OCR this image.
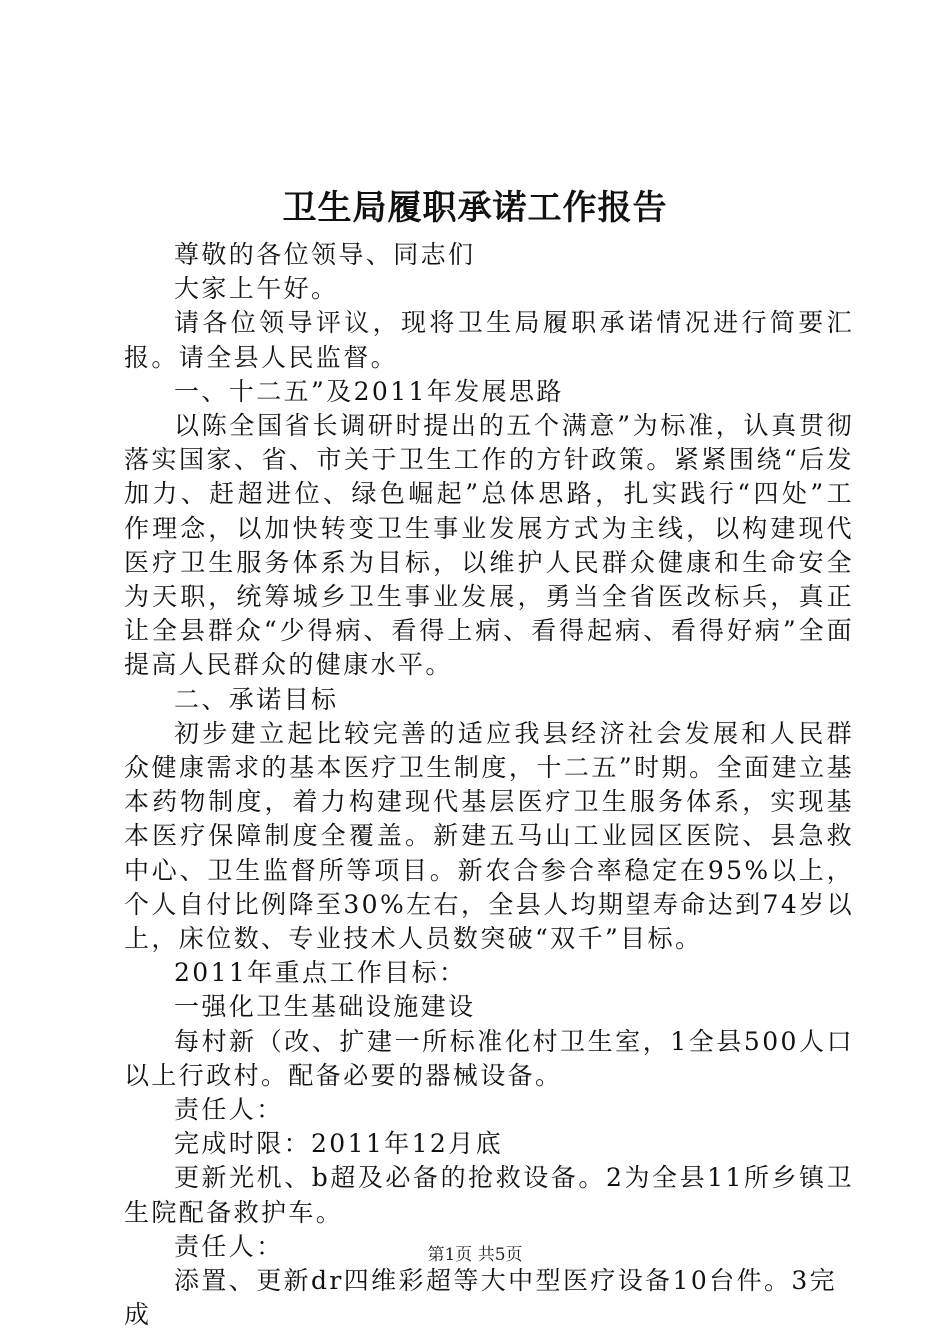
卫生局履职承诺工作报告

尊敬的各位领导、同志们

大家上午好。

请各位领导评议，现将卫生局履职承诺情况进行简要汇报。请全县人民监督。

一、十二五”及2011年发展思路

以陈全国省长调研时提出的五个满意”为标准，认真贯彻落实国家、省、市关于卫生工作的方针政策。紧紧围绕“后发加力、赶超进位、绿色崛起”总体思路，扎实践行“四处”工作理念，以加快转变卫生事业发展方式为主线，以构建现代医疗卫生服务体系为目标，以维护人民群众健康和生命安全为天职，统筹城乡卫生事业发展，勇当全省医改标兵，真正让全县群众“少得病、看得上病、看得起病、看得好病”全面提高人民群众的健康水平。

二、承诺目标

初步建立起比较完善的适应我县经济社会发展和人民群众健康需求的基本医疗卫生制度，十二五”时期。全面建立基本药物制度，着力构建现代基层医疗卫生服务体系，实现基本医疗保障制度全覆盖。新建五马山工业园区医院、县急救中心、卫生监督所等项目。新农合参合率稳定在95%以上，个人自付比例降至30%左右，全县人均期望寿命达到74岁以上，床位数、专业技术人员数突破“双千”目标。

2011年重点工作目标：

一强化卫生基础设施建设

每村新（改、扩建一所标准化村卫生室，1全县500人口以上行政村。配备必要的器械设备。

责任人：

完成时限：2011年12月底

更新光机、b超及必备的抢救设备。2为全县11所乡镇卫生院配备救护车。

责任人：

添置、更新dr四维彩超等大中型医疗设备10台件。3完成

第1页 共5页
